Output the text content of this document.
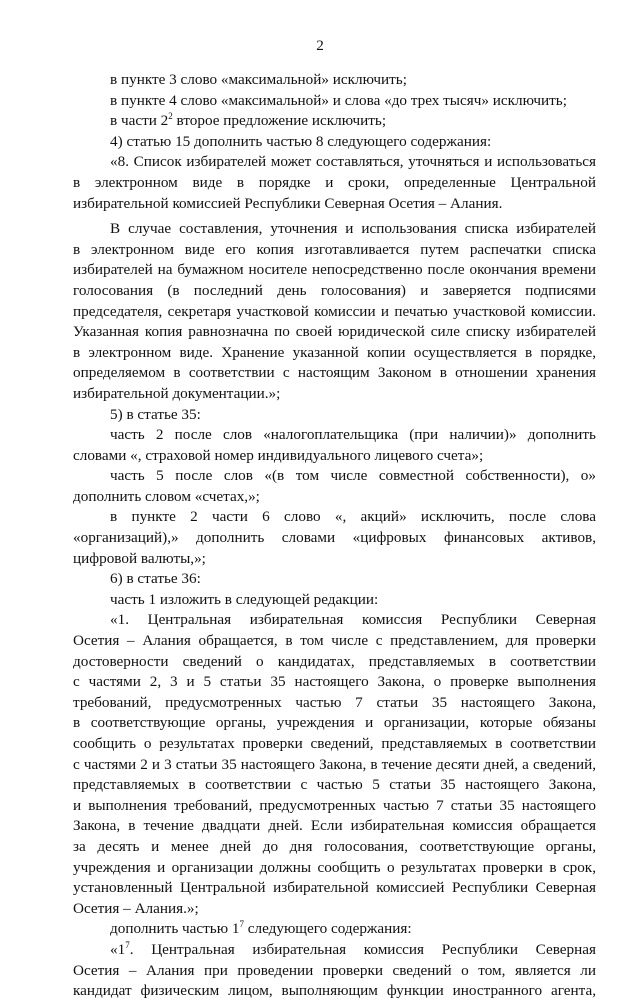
2
в пункте 3 слово «максимальной» исключить;
в пункте 4 слово «максимальной» и слова «до трех тысяч» исключить;
в части $2^2$ второе предложение исключить;
4) статью 15 дополнить частью 8 следующего содержания:
«8. Список избирателей может составляться, уточняться и использоваться
в электронном виде в порядке и сроки, определенные Центральной
избирательной комиссией Республики Северная Осетия – Алания.
В случае составления, уточнения и использования списка избирателей
в электронном виде его копия изготавливается путем распечатки списка
избирателей на бумажном носителе непосредственно после окончания времени
голосования (в последний день голосования) и заверяется подписями
председателя, секретаря участковой комиссии и печатью участковой комиссии.
Указанная копия равнозначна по своей юридической силе списку избирателей
в электронном виде. Хранение указанной копии осуществляется в порядке,
определяемом в соответствии с настоящим Законом в отношении хранения
избирательной документации.»;
5) в статье 35:
часть 2 после слов «налогоплательщика (при наличии)» дополнить
словами «, страховой номер индивидуального лицевого счета»;
часть 5 после слов «(в том числе совместной собственности), о»
дополнить словом «счетах,»;
в пункте 2 части 6 слово «, акций» исключить, после слова
«организаций),» дополнить словами «цифровых финансовых активов,
цифровой валюты,»;
6) в статье 36:
часть 1 изложить в следующей редакции:
«1. Центральная избирательная комиссия Республики Северная
Осетия – Алания обращается, в том числе с представлением, для проверки
достоверности сведений о кандидатах, представляемых в соответствии
с частями 2, 3 и 5 статьи 35 настоящего Закона, о проверке выполнения
требований, предусмотренных частью 7 статьи 35 настоящего Закона,
в соответствующие органы, учреждения и организации, которые обязаны
сообщить о результатах проверки сведений, представляемых в соответствии
с частями 2 и 3 статьи 35 настоящего Закона, в течение десяти дней, а сведений,
представляемых в соответствии с частью 5 статьи 35 настоящего Закона,
и выполнения требований, предусмотренных частью 7 статьи 35 настоящего
Закона, в течение двадцати дней. Если избирательная комиссия обращается
за десять и менее дней до дня голосования, соответствующие органы,
учреждения и организации должны сообщить о результатах проверки в срок,
установленный Центральной избирательной комиссией Республики Северная
Осетия – Алания.»;
дополнить частью $1^7$ следующего содержания:
«$1^7$. Центральная избирательная комиссия Республики Северная
Осетия – Алания при проведении проверки сведений о том, является ли
кандидат физическим лицом, выполняющим функции иностранного агента,
